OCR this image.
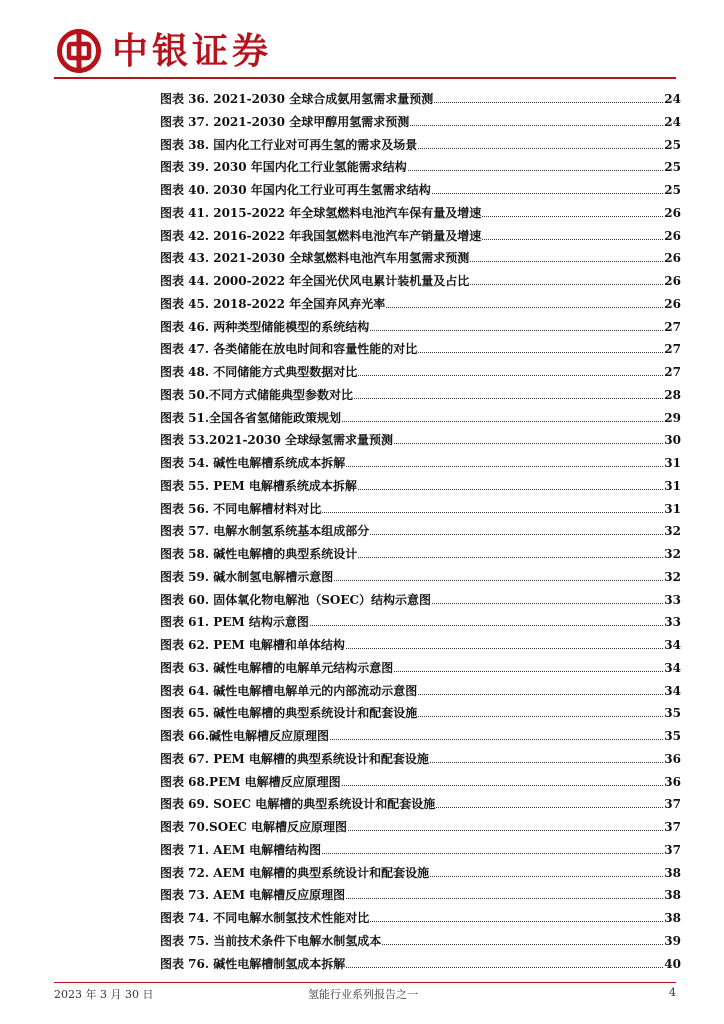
中银证券
图表 36. 2021-2030 全球合成氨用氢需求量预测	24
图表 37. 2021-2030 全球甲醇用氢需求预测	24
图表 38. 国内化工行业对可再生氢的需求及场景	25
图表 39. 2030 年国内化工行业氢能需求结构	25
图表 40. 2030 年国内化工行业可再生氢需求结构	25
图表 41. 2015-2022 年全球氢燃料电池汽车保有量及增速	26
图表 42. 2016-2022 年我国氢燃料电池汽车产销量及增速	26
图表 43. 2021-2030 全球氢燃料电池汽车用氢需求预测	26
图表 44. 2000-2022 年全国光伏风电累计装机量及占比	26
图表 45. 2018-2022 年全国弃风弃光率	26
图表 46. 两种类型储能模型的系统结构	27
图表 47. 各类储能在放电时间和容量性能的对比	27
图表 48. 不同储能方式典型数据对比	27
图表 50.不同方式储能典型参数对比	28
图表 51.全国各省氢储能政策规划	29
图表 53.2021-2030 全球绿氢需求量预测	30
图表 54. 碱性电解槽系统成本拆解	31
图表 55. PEM 电解槽系统成本拆解	31
图表 56. 不同电解槽材料对比	31
图表 57. 电解水制氢系统基本组成部分	32
图表 58. 碱性电解槽的典型系统设计	32
图表 59. 碱水制氢电解槽示意图	32
图表 60. 固体氧化物电解池（SOEC）结构示意图	33
图表 61. PEM 结构示意图	33
图表 62. PEM 电解槽和单体结构	34
图表 63. 碱性电解槽的电解单元结构示意图	34
图表 64. 碱性电解槽电解单元的内部流动示意图	34
图表 65. 碱性电解槽的典型系统设计和配套设施	35
图表 66.碱性电解槽反应原理图	35
图表 67. PEM 电解槽的典型系统设计和配套设施	36
图表 68.PEM 电解槽反应原理图	36
图表 69. SOEC 电解槽的典型系统设计和配套设施	37
图表 70.SOEC 电解槽反应原理图	37
图表 71. AEM 电解槽结构图	37
图表 72. AEM 电解槽的典型系统设计和配套设施	38
图表 73. AEM 电解槽反应原理图	38
图表 74. 不同电解水制氢技术性能对比	38
图表 75. 当前技术条件下电解水制氢成本	39
图表 76. 碱性电解槽制氢成本拆解	40
2023 年 3 月 30 日	氢能行业系列报告之一	4
